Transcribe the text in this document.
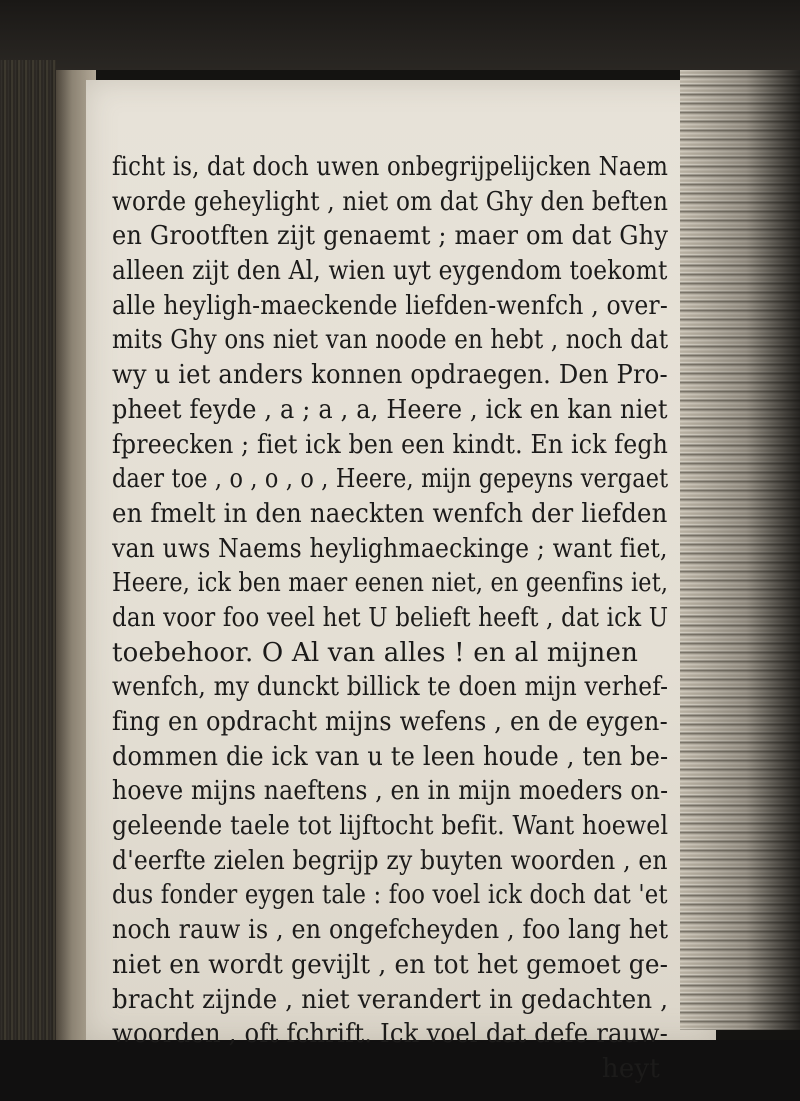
ficht is, dat doch uwen onbegrijpelijcken Naem
worde geheylight , niet om dat Ghy den beften
en Grootften zijt genaemt ; maer om dat Ghy
alleen zijt den Al, wien uyt eygendom toekomt
alle heyligh-maeckende liefden-wenfch , over-
mits Ghy ons niet van noode en hebt , noch dat
wy u iet anders konnen opdraegen. Den Pro-
pheet feyde , a ; a , a, Heere , ick en kan niet
fpreecken ; fiet ick ben een kindt. En ick fegh
daer toe , o , o , o , Heere, mijn gepeyns vergaet
en fmelt in den naeckten wenfch der liefden
van uws Naems heylighmaeckinge ; want fiet,
Heere, ick ben maer eenen niet, en geenfins iet,
dan voor foo veel het U belieft heeft , dat ick U
toebehoor. O Al van alles ! en al mijnen
wenfch, my dunckt billick te doen mijn verhef-
fing en opdracht mijns wefens , en de eygen-
dommen die ick van u te leen houde , ten be-
hoeve mijns naeftens , en in mijn moeders on-
geleende taele tot lijftocht befit. Want hoewel
d'eerfte zielen begrijp zy buyten woorden , en
dus fonder eygen tale : foo voel ick doch dat 'et
noch rauw is , en ongefcheyden , foo lang het
niet en wordt gevijlt , en tot het gemoet ge-
bracht zijnde , niet verandert in gedachten ,
woorden , oft fchrift. Ick voel dat defe rauw-
heyt
